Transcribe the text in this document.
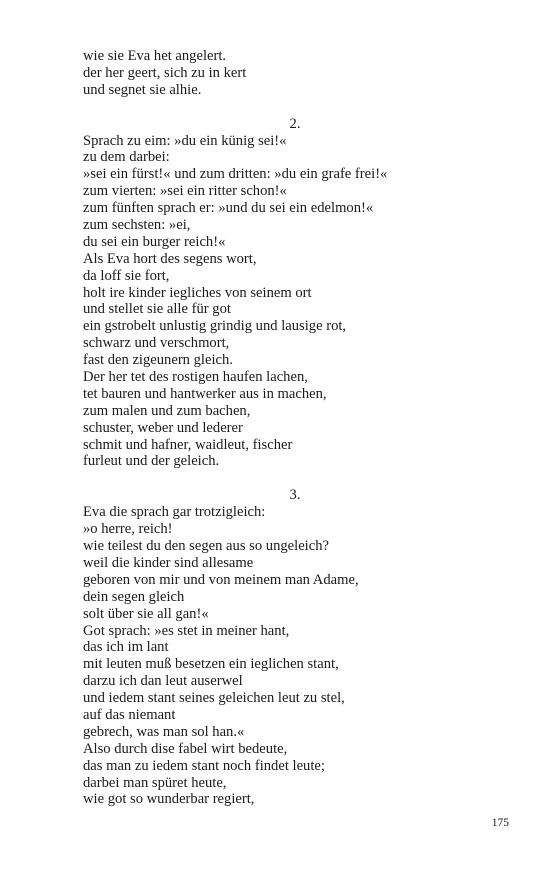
wie sie Eva het angelert.
der her geert, sich zu in kert
und segnet sie alhie.
2.
Sprach zu eim: »du ein künig sei!«
zu dem darbei:
»sei ein fürst!« und zum dritten: »du ein grafe frei!«
zum vierten: »sei ein ritter schon!«
zum fünften sprach er: »und du sei ein edelmon!«
zum sechsten: »ei,
du sei ein burger reich!«
Als Eva hort des segens wort,
da loff sie fort,
holt ire kinder iegliches von seinem ort
und stellet sie alle für got
ein gstrobelt unlustig grindig und lausige rot,
schwarz und verschmort,
fast den zigeunern gleich.
Der her tet des rostigen haufen lachen,
tet bauren und hantwerker aus in machen,
zum malen und zum bachen,
schuster, weber und lederer
schmit und hafner, waidleut, fischer
furleut und der geleich.
3.
Eva die sprach gar trotzigleich:
»o herre, reich!
wie teilest du den segen aus so ungeleich?
weil die kinder sind allesame
geboren von mir und von meinem man Adame,
dein segen gleich
solt über sie all gan!«
Got sprach: »es stet in meiner hant,
das ich im lant
mit leuten muß besetzen ein ieglichen stant,
darzu ich dan leut auserwel
und iedem stant seines geleichen leut zu stel,
auf das niemant
gebrech, was man sol han.«
Also durch dise fabel wirt bedeute,
das man zu iedem stant noch findet leute;
darbei man spüret heute,
wie got so wunderbar regiert,
175
